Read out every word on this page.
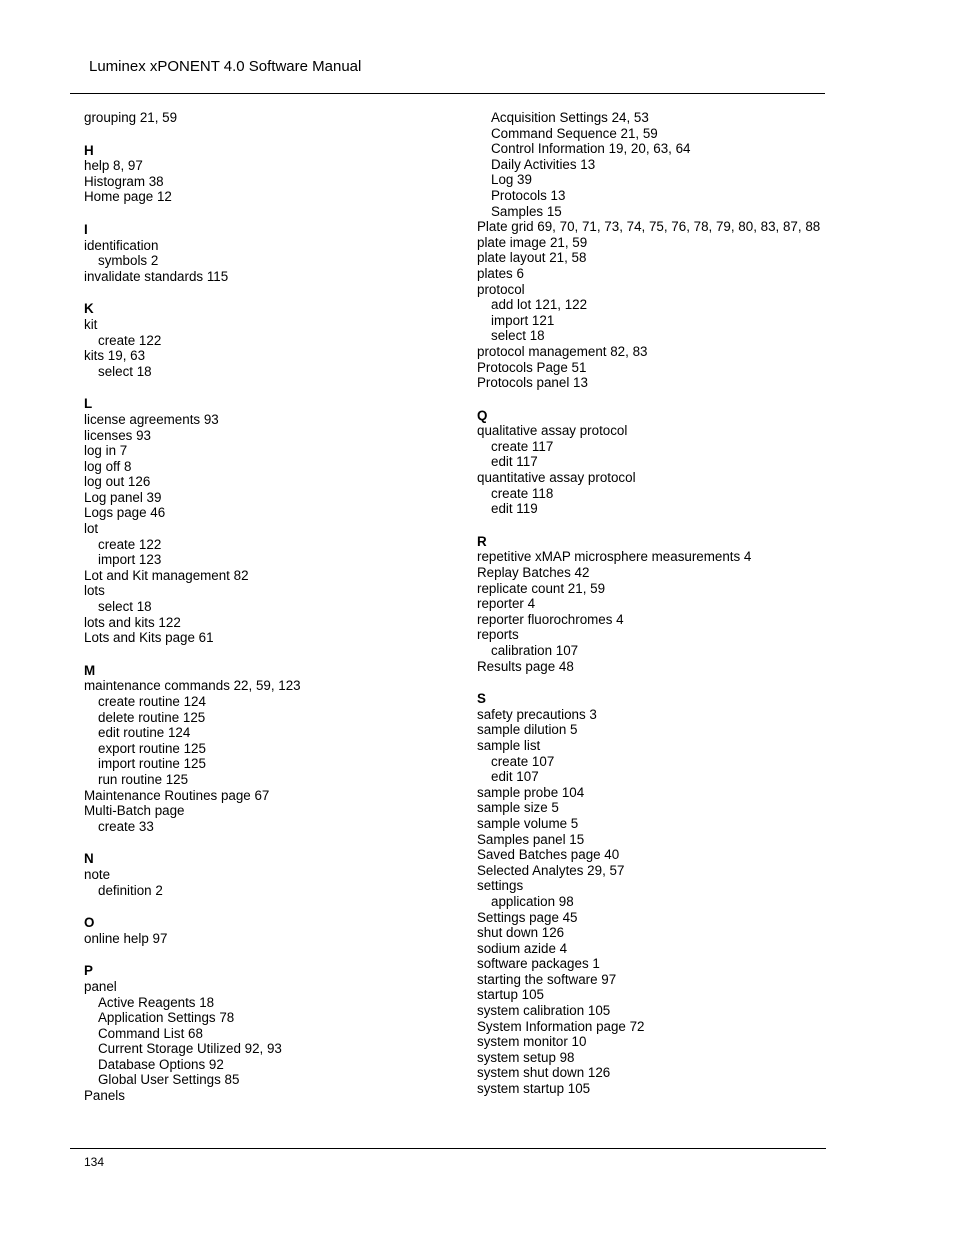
Luminex xPONENT 4.0 Software Manual
grouping 21, 59
H
help 8, 97
Histogram 38
Home page 12
I
identification
symbols 2
invalidate standards 115
K
kit
create 122
kits 19, 63
select 18
L
license agreements 93
licenses 93
log in 7
log off 8
log out 126
Log panel 39
Logs page 46
lot
create 122
import 123
Lot and Kit management 82
lots
select 18
lots and kits 122
Lots and Kits page 61
M
maintenance commands 22, 59, 123
create routine 124
delete routine 125
edit routine 124
export routine 125
import routine 125
run routine 125
Maintenance Routines page 67
Multi-Batch page
create 33
N
note
definition 2
O
online help 97
P
panel
Active Reagents 18
Application Settings 78
Command List 68
Current Storage Utilized 92, 93
Database Options 92
Global User Settings 85
Panels
Acquisition Settings 24, 53
Command Sequence 21, 59
Control Information 19, 20, 63, 64
Daily Activities 13
Log 39
Protocols 13
Samples 15
Plate grid 69, 70, 71, 73, 74, 75, 76, 78, 79, 80, 83, 87, 88
plate image 21, 59
plate layout 21, 58
plates 6
protocol
add lot 121, 122
import 121
select 18
protocol management 82, 83
Protocols Page 51
Protocols panel 13
Q
qualitative assay protocol
create 117
edit 117
quantitative assay protocol
create 118
edit 119
R
repetitive xMAP microsphere measurements 4
Replay Batches 42
replicate count 21, 59
reporter 4
reporter fluorochromes 4
reports
calibration 107
Results page 48
S
safety precautions 3
sample dilution 5
sample list
create 107
edit 107
sample probe 104
sample size 5
sample volume 5
Samples panel 15
Saved Batches page 40
Selected Analytes 29, 57
settings
application 98
Settings page 45
shut down 126
sodium azide 4
software packages 1
starting the software 97
startup 105
system calibration 105
System Information page 72
system monitor 10
system setup 98
system shut down 126
system startup 105
134
